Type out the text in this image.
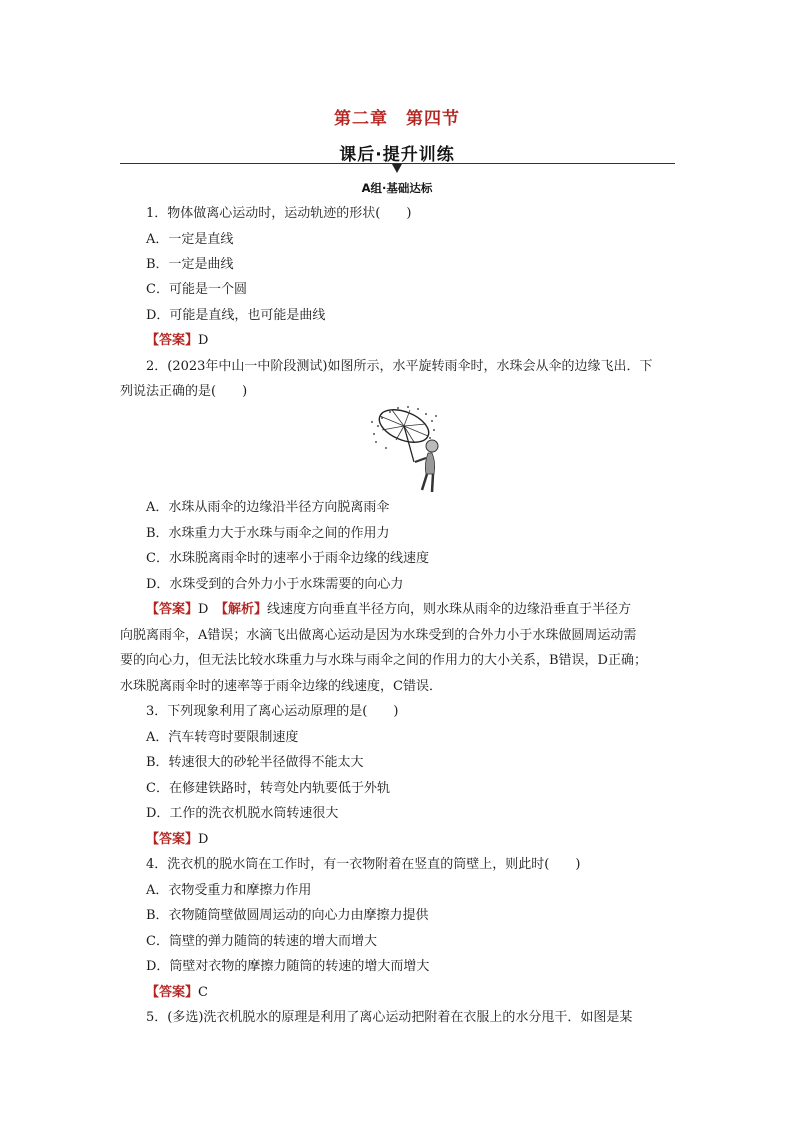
第二章　第四节
课后·提升训练
A组·基础达标
1．物体做离心运动时，运动轨迹的形状(　　)
A．一定是直线
B．一定是曲线
C．可能是一个圆
D．可能是直线，也可能是曲线
【答案】D
2．(2023年中山一中阶段测试)如图所示，水平旋转雨伞时，水珠会从伞的边缘飞出．下
列说法正确的是(　　)
A．水珠从雨伞的边缘沿半径方向脱离雨伞
B．水珠重力大于水珠与雨伞之间的作用力
C．水珠脱离雨伞时的速率小于雨伞边缘的线速度
D．水珠受到的合外力小于水珠需要的向心力
【答案】D　 【解析】线速度方向垂直半径方向，则水珠从雨伞的边缘沿垂直于半径方
向脱离雨伞，A错误；水滴飞出做离心运动是因为水珠受到的合外力小于水珠做圆周运动需
要的向心力，但无法比较水珠重力与水珠与雨伞之间的作用力的大小关系，B错误，D正确；
水珠脱离雨伞时的速率等于雨伞边缘的线速度，C错误．
3．下列现象利用了离心运动原理的是(　　)
A．汽车转弯时要限制速度
B．转速很大的砂轮半径做得不能太大
C．在修建铁路时，转弯处内轨要低于外轨
D．工作的洗衣机脱水筒转速很大
【答案】D
4．洗衣机的脱水筒在工作时，有一衣物附着在竖直的筒壁上，则此时(　　)
A．衣物受重力和摩擦力作用
B．衣物随筒壁做圆周运动的向心力由摩擦力提供
C．筒壁的弹力随筒的转速的增大而增大
D．筒壁对衣物的摩擦力随筒的转速的增大而增大
【答案】C
5．(多选)洗衣机脱水的原理是利用了离心运动把附着在衣服上的水分甩干．如图是某
